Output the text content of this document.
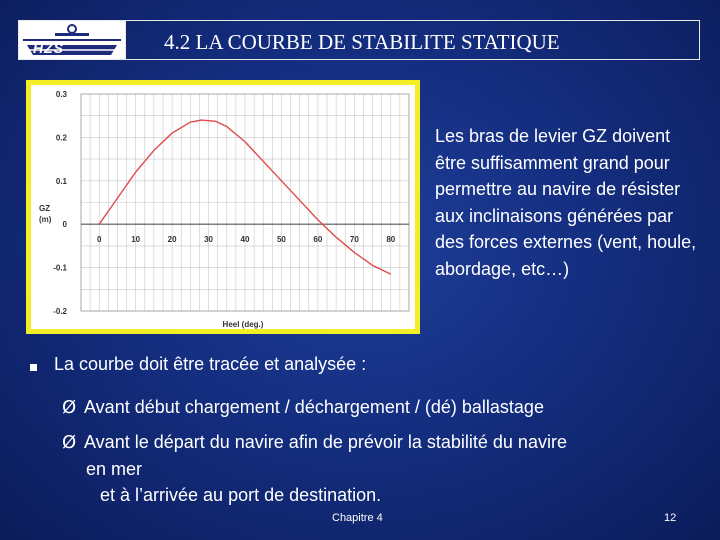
HZS	4.2 LA COURBE DE STABILITE STATIQUE
0.3
0.2
0.1
0
-0.1
-0.2
0	10	20	30	40	50	60	70	80
GZ
(m)
Heel (deg.)
Les bras de levier GZ doivent être suffisamment grand pour permettre au navire de résister aux inclinaisons générées par des forces externes (vent, houle, abordage, etc…)
La courbe doit être tracée et analysée :
Ø Avant début chargement / déchargement / (dé) ballastage
Ø Avant le départ du navire afin de prévoir la stabilité du navire
en mer
et à l’arrivée au port de destination.
Chapitre 4	12
